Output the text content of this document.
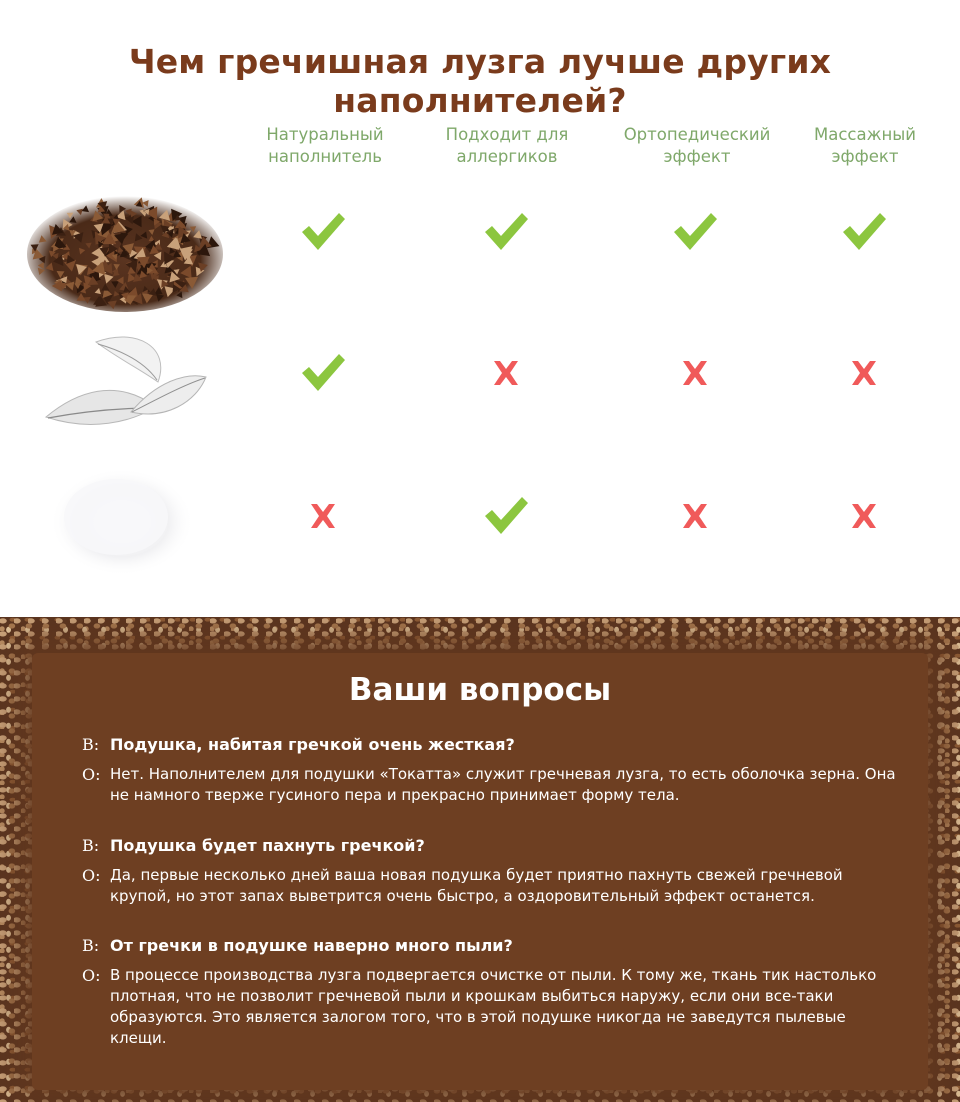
Чем гречишная лузга лучше других наполнителей?
Натуральный наполнитель
Подходит для аллергиков
Ортопедический эффект
Массажный эффект
Ваши вопросы
В: Подушка, набитая гречкой очень жесткая?
О: Нет. Наполнителем для подушки «Токатта» служит гречневая лузга, то есть оболочка зерна. Она не намного тверже гусиного пера и прекрасно принимает форму тела.
В: Подушка будет пахнуть гречкой?
О: Да, первые несколько дней ваша новая подушка будет приятно пахнуть свежей гречневой крупой, но этот запах выветрится очень быстро, а оздоровительный эффект останется.
В: От гречки в подушке наверно много пыли?
О: В процессе производства лузга подвергается очистке от пыли. К тому же, ткань тик настолько плотная, что не позволит гречневой пыли и крошкам выбиться наружу, если они все-таки образуются. Это является залогом того, что в этой подушке никогда не заведутся пылевые клещи.
